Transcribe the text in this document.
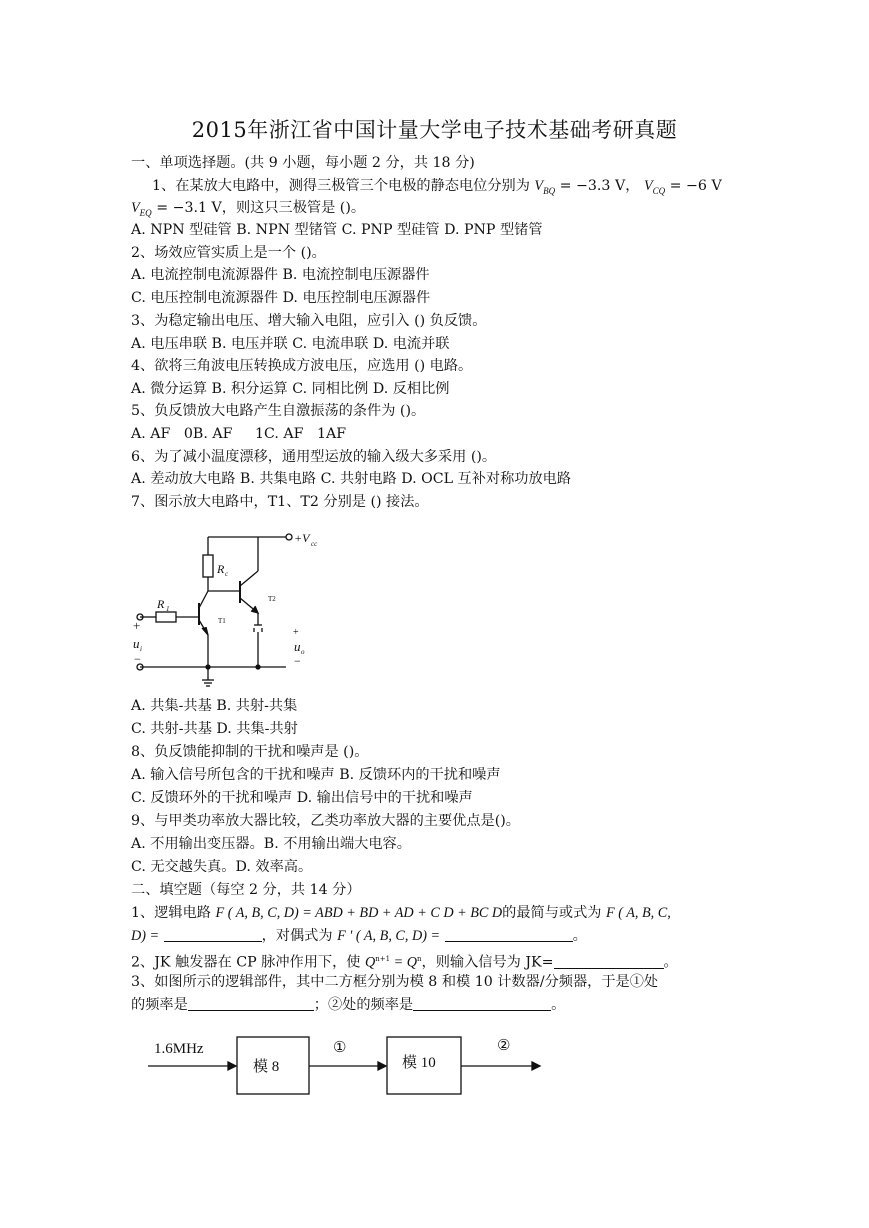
2015年浙江省中国计量大学电子技术基础考研真题
一、单项选择题。(共 9 小题，每小题 2 分，共 18 分)
1、在某放大电路中，测得三极管三个电极的静态电位分别为 $V_{BQ} = -3.3$ V， $V_{CQ} = -6$ V
$V_{EQ} = -3.1$ V，则这只三极管是 ()。
A. NPN 型硅管 B. NPN 型锗管 C. PNP 型硅管 D. PNP 型锗管
2、场效应管实质上是一个 ()。
A. 电流控制电流源器件 B. 电流控制电压源器件
C. 电压控制电流源器件 D. 电压控制电压源器件
3、为稳定输出电压、增大输入电阻，应引入 () 负反馈。
A. 电压串联 B. 电压并联 C. 电流串联 D. 电流并联
4、欲将三角波电压转换成方波电压，应选用 () 电路。
A. 微分运算 B. 积分运算 C. 同相比例 D. 反相比例
5、负反馈放大电路产生自激振荡的条件为 ()。
A. AF   0B. AF     1C. AF   1AF
6、为了减小温度漂移，通用型运放的输入级大多采用 ()。
A. 差动放大电路 B. 共集电路 C. 共射电路 D. OCL 互补对称功放电路
7、图示放大电路中，T1、T2 分别是 () 接法。
+V cc
R c
T1
R 1
T2
+
u i
−
+
u o
−
A. 共集-共基 B. 共射-共集
C. 共射-共基 D. 共集-共射
8、负反馈能抑制的干扰和噪声是 ()。
A. 输入信号所包含的干扰和噪声 B. 反馈环内的干扰和噪声
C. 反馈环外的干扰和噪声 D. 输出信号中的干扰和噪声
9、与甲类功率放大器比较，乙类功率放大器的主要优点是()。
A. 不用输出变压器。B. 不用输出端大电容。
C. 无交越失真。D. 效率高。
二、填空题（每空 2 分，共 14 分）
1、逻辑电路 F ( A, B, C, D) = ABD + BD + AD + C D + BC D的最简与或式为 F ( A, B, C,
D) =	，对偶式为 F ' ( A, B, C, D) =	。
2、JK 触发器在 CP 脉冲作用下，使 $Q^{n+1} = Q^n$，则输入信号为 JK=	。
3、如图所示的逻辑部件，其中二方框分别为模 8 和模 10 计数器/分频器，于是①处
的频率是	；②处的频率是	。
1.6MHz
模 8
①
模 10
②
